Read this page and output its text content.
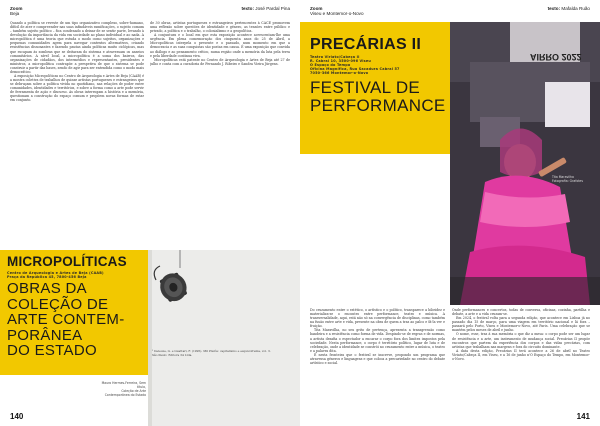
Zoom
Beja
texto: José Pardal Pina

Quando a política se reveste de um tipo organizativo complexo, sobre-humano, difícil de ater e compreender nas suas infindáveis ramificações, o sujeito comum – também sujeito político – fica condenado a deixar de se sentir parte, levando à devolução da importância da vida em sociedade ao plano individual e ao nada. A micropolítica é uma teoria que estuda o modo como sujeitos, organizações e pequenas comunidades agem para navegar contextos alternativos, criando resistências dissonantes e fazendo pautas ainda políticas muito ciclópicas, mas que escapam às sombras que se deitaram do sistema e atravessam os anseios comunitários. A nível local, a micropolítica é a soma dos bairros, das organizações de cidadãos, dos intermédios e representantes, presidentes e ministros, a micropolítica contrapõe a perspetiva de que o sistema se pode construir a partir das bases, sendo de agir para ser entendida como o modo mais democrático.

A exposição Micropolíticas no Centro de Arqueologia e Artes de Beja (CAAB) é a mostra coletiva de trabalhos de quinze artistas portugueses e estrangeiros que se debruçam sobre a política vivida no quotidiano, nas relações de poder entre comunidades, identidades e territórios, e sobre a forma como a arte pode servir de ferramenta de ação e discurso. As obras interrogam a história e a memória, questionam a construção do espaço comum e propõem novas formas de estar em conjunto.

de 30 obras, artistas portugueses e estrangeiros pertencentes à CACE promovem uma reflexão sobre questões de identidade e género, as tensões entre público e privado, a política e o trabalho, o colonialismo e a geopolítica.

A conjuntura e o local em que esta exposição acontece acrescentam-lhe uma urgência. Em plena comemoração dos cinquenta anos do 25 de Abril, a Micropolíticas interpela o presente e o passado, num momento em que a democracia e as suas conquistas são postas em causa. É uma exposição que convida ao diálogo e ao pensamento crítico, numa região onde a memória da luta pela terra e pela liberdade continua viva.

Micropolíticas está patente no Centro de Arqueologia e Artes de Beja até 27 de julho e conta com a curadoria de Fernando J. Ribeiro e Sandra Vieira Jürgens.

MICROPOLÍTICAS
Centro de Arqueologia e Artes de Beja (CAAB)
Praça da República 45, 7800-456 Beja
OBRAS DA
COLEÇÃO DE
ARTE CONTEM-
PORÂNEA
DO ESTADO	¹ Deleuze, G. e Guattari, F. (1995). Mil Platôs: capitalismo e esquizofrenia, vol. 3.
São Paulo: Editora 34 Ltda.
Mauro Hermes-Ferreira, Sem título,
Coleção de Arte Contemporânea do Estado
140
Zoom
Viseu e Montemor-o-Novo
texto: Mafalda Ruão
PRECÁRIAS II
Teatro Viriato/Cabeça II
R. Cabral 10, 3500-096 Viseu
O Espaço do Tempo
Oficina Magnífica, Rua Sacadura Cabral 57
7050-366 Montemor-o-Novo
FESTIVAL DE
PERFORMANCE
AIRRO 2022
Tita Maravilha
Fotografia: Grafotes

Do cruzamento entre o estético, o artístico e o político, transparece a hibridez e materializa-se o encontro entre performance, teatro e música. A transversalidade, aqui, está não só na convergência de disciplinas, como também na fusão entre arte e vida, presente na obra de quem a traz ao palco e fá-la ver e fruição.

Tita Maravilha, no seu grito de pertença, apresenta a transgressão como bandeira e a resistência como forma de vida. Despindo-se de regras e de normas, a artista desafia o espectador a encarar o corpo fora dos limites impostos pela sociedade. Nesta performance, o corpo é território político, lugar de luta e de celebração, onde a identidade se constrói no cruzamento entre a música, o teatro e a palavra dita.

É nesta fronteira que o festival se inscreve, propondo um programa que atravessa géneros e linguagens e que coloca a precariedade no centro do debate artístico e social.

Onde performances e concertos, todas de conversa, oficinas, cozinha, partilha e debate, a arte e a vida cruzam-se.

Em 2024, o festival volta para a segunda edição, que acontece em Lisboa já no passado dia 15 de março, para uma viagem em território nacional e lá fora – passará pelo Porto, Viseu e Montemor-o-Novo, até Paris. Uma celebração que se mantém pelos meses de abril e junho.

O nome, esse, traz à sua memória o que diz a mesa: o corpo pode ser um lugar de resistência e a arte, um instrumento de mudança social. Precárias II propõe encontros que partem da experiência dos corpos e das vidas precárias, com artistas que trabalham nas margens e fora do circuito dominante.

A data desta edição, Precárias II terá acontece a 26 de abril no Teatro Viriato/Cabeça II, em Viseu, e a 16 de junho n'O Espaço do Tempo, em Montemor-o-Novo.

141
